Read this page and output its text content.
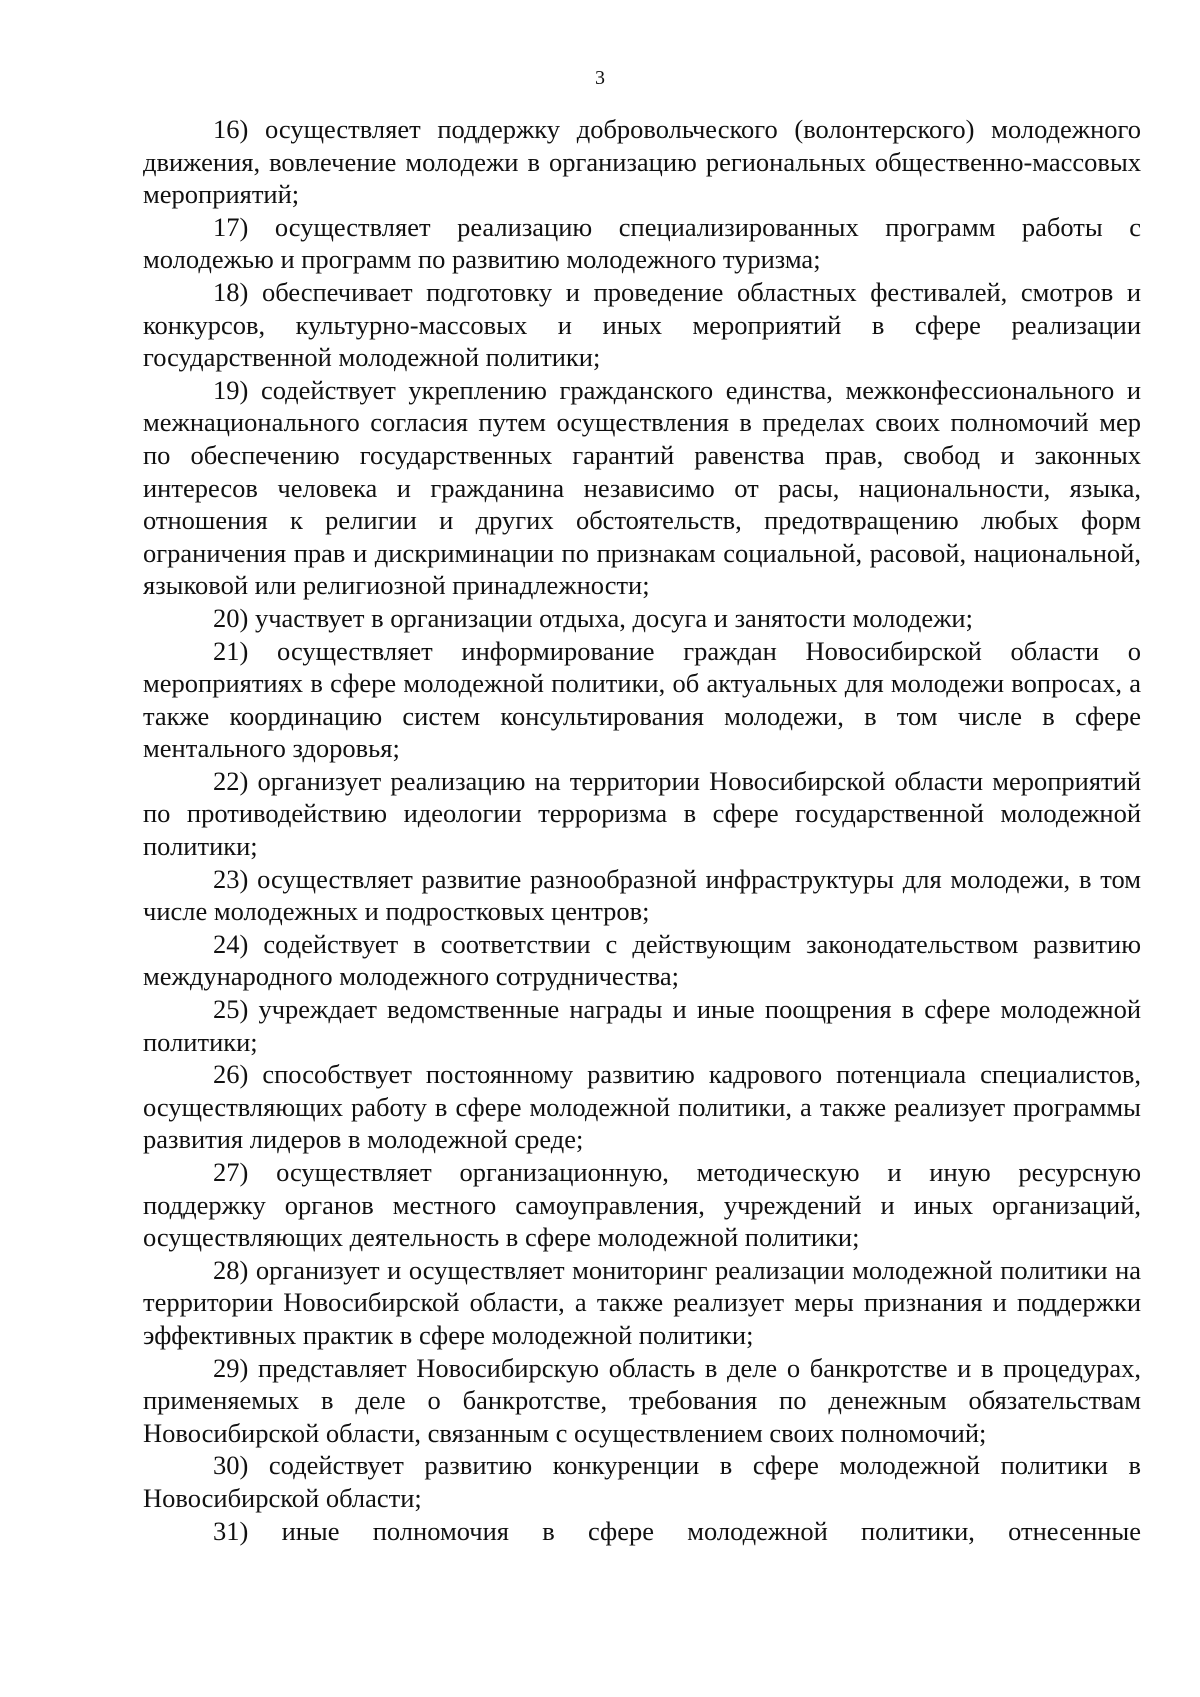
3

16) осуществляет поддержку добровольческого (волонтерского) молодежного движения, вовлечение молодежи в организацию региональных общественно-массовых мероприятий;

17) осуществляет реализацию специализированных программ работы с молодежью и программ по развитию молодежного туризма;

18) обеспечивает подготовку и проведение областных фестивалей, смотров и конкурсов, культурно-массовых и иных мероприятий в сфере реализации государственной молодежной политики;

19) содействует укреплению гражданского единства, межконфессионального и межнационального согласия путем осуществления в пределах своих полномочий мер по обеспечению государственных гарантий равенства прав, свобод и законных интересов человека и гражданина независимо от расы, национальности, языка, отношения к религии и других обстоятельств, предотвращению любых форм ограничения прав и дискриминации по признакам социальной, расовой, национальной, языковой или религиозной принадлежности;

20) участвует в организации отдыха, досуга и занятости молодежи;

21) осуществляет информирование граждан Новосибирской области о мероприятиях в сфере молодежной политики, об актуальных для молодежи вопросах, а также координацию систем консультирования молодежи, в том числе в сфере ментального здоровья;

22) организует реализацию на территории Новосибирской области мероприятий по противодействию идеологии терроризма в сфере государственной молодежной политики;

23) осуществляет развитие разнообразной инфраструктуры для молодежи, в том числе молодежных и подростковых центров;

24) содействует в соответствии с действующим законодательством развитию международного молодежного сотрудничества;

25) учреждает ведомственные награды и иные поощрения в сфере молодежной политики;

26) способствует постоянному развитию кадрового потенциала специалистов, осуществляющих работу в сфере молодежной политики, а также реализует программы развития лидеров в молодежной среде;

27) осуществляет организационную, методическую и иную ресурсную поддержку органов местного самоуправления, учреждений и иных организаций, осуществляющих деятельность в сфере молодежной политики;

28) организует и осуществляет мониторинг реализации молодежной политики на территории Новосибирской области, а также реализует меры признания и поддержки эффективных практик в сфере молодежной политики;

29) представляет Новосибирскую область в деле о банкротстве и в процедурах, применяемых в деле о банкротстве, требования по денежным обязательствам Новосибирской области, связанным с осуществлением своих полномочий;

30) содействует развитию конкуренции в сфере молодежной политики в Новосибирской области;

31) иные полномочия в сфере молодежной политики, отнесенные
